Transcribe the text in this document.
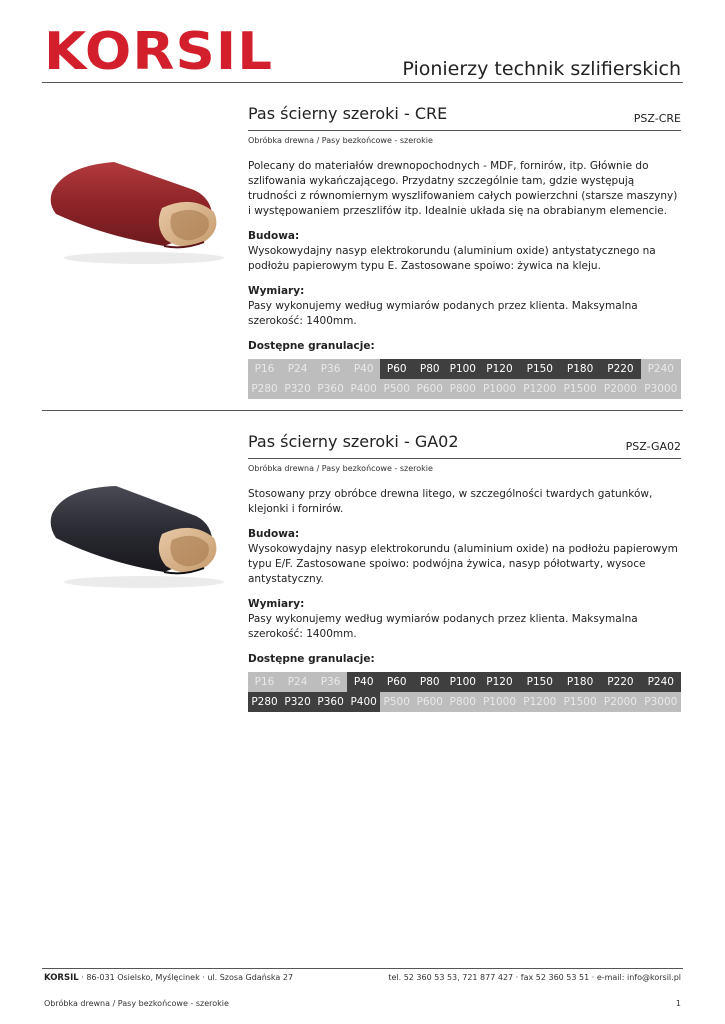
KORSIL	Pionierzy technik szlifierskich
Pas ścierny szeroki - CRE	PSZ-CRE
Obróbka drewna / Pasy bezkońcowe - szerokie
Polecany do materiałów drewnopochodnych - MDF, fornirów, itp. Głównie do szlifowania wykańczającego. Przydatny szczególnie tam, gdzie występują trudności z równomiernym wyszlifowaniem całych powierzchni (starsze maszyny) i występowaniem przeszlifów itp. Idealnie układa się na obrabianym elemencie.
Budowa:
Wysokowydajny nasyp elektrokorundu (aluminium oxide) antystatycznego na podłożu papierowym typu E. Zastosowane spoiwo: żywica na kleju.
Wymiary:
Pasy wykonujemy według wymiarów podanych przez klienta. Maksymalna szerokość: 1400mm.
Dostępne granulacje:
P16	P24	P36	P40	P60	P80	P100	P120	P150	P180	P220	P240
P280	P320	P360	P400	P500	P600	P800	P1000	P1200	P1500	P2000	P3000
Pas ścierny szeroki - GA02	PSZ-GA02
Obróbka drewna / Pasy bezkońcowe - szerokie
Stosowany przy obróbce drewna litego, w szczególności twardych gatunków, klejonki i fornirów.
Budowa:
Wysokowydajny nasyp elektrokorundu (aluminium oxide) na podłożu papierowym typu E/F. Zastosowane spoiwo: podwójna żywica, nasyp półotwarty, wysoce antystatyczny.
Wymiary:
Pasy wykonujemy według wymiarów podanych przez klienta. Maksymalna szerokość: 1400mm.
Dostępne granulacje:
P16	P24	P36	P40	P60	P80	P100	P120	P150	P180	P220	P240
P280	P320	P360	P400	P500	P600	P800	P1000	P1200	P1500	P2000	P3000
KORSIL · 86-031 Osielsko, Myślęcinek · ul. Szosa Gdańska 27	tel. 52 360 53 53, 721 877 427 · fax 52 360 53 51 · e-mail: info@korsil.pl
Obróbka drewna / Pasy bezkońcowe - szerokie	1
